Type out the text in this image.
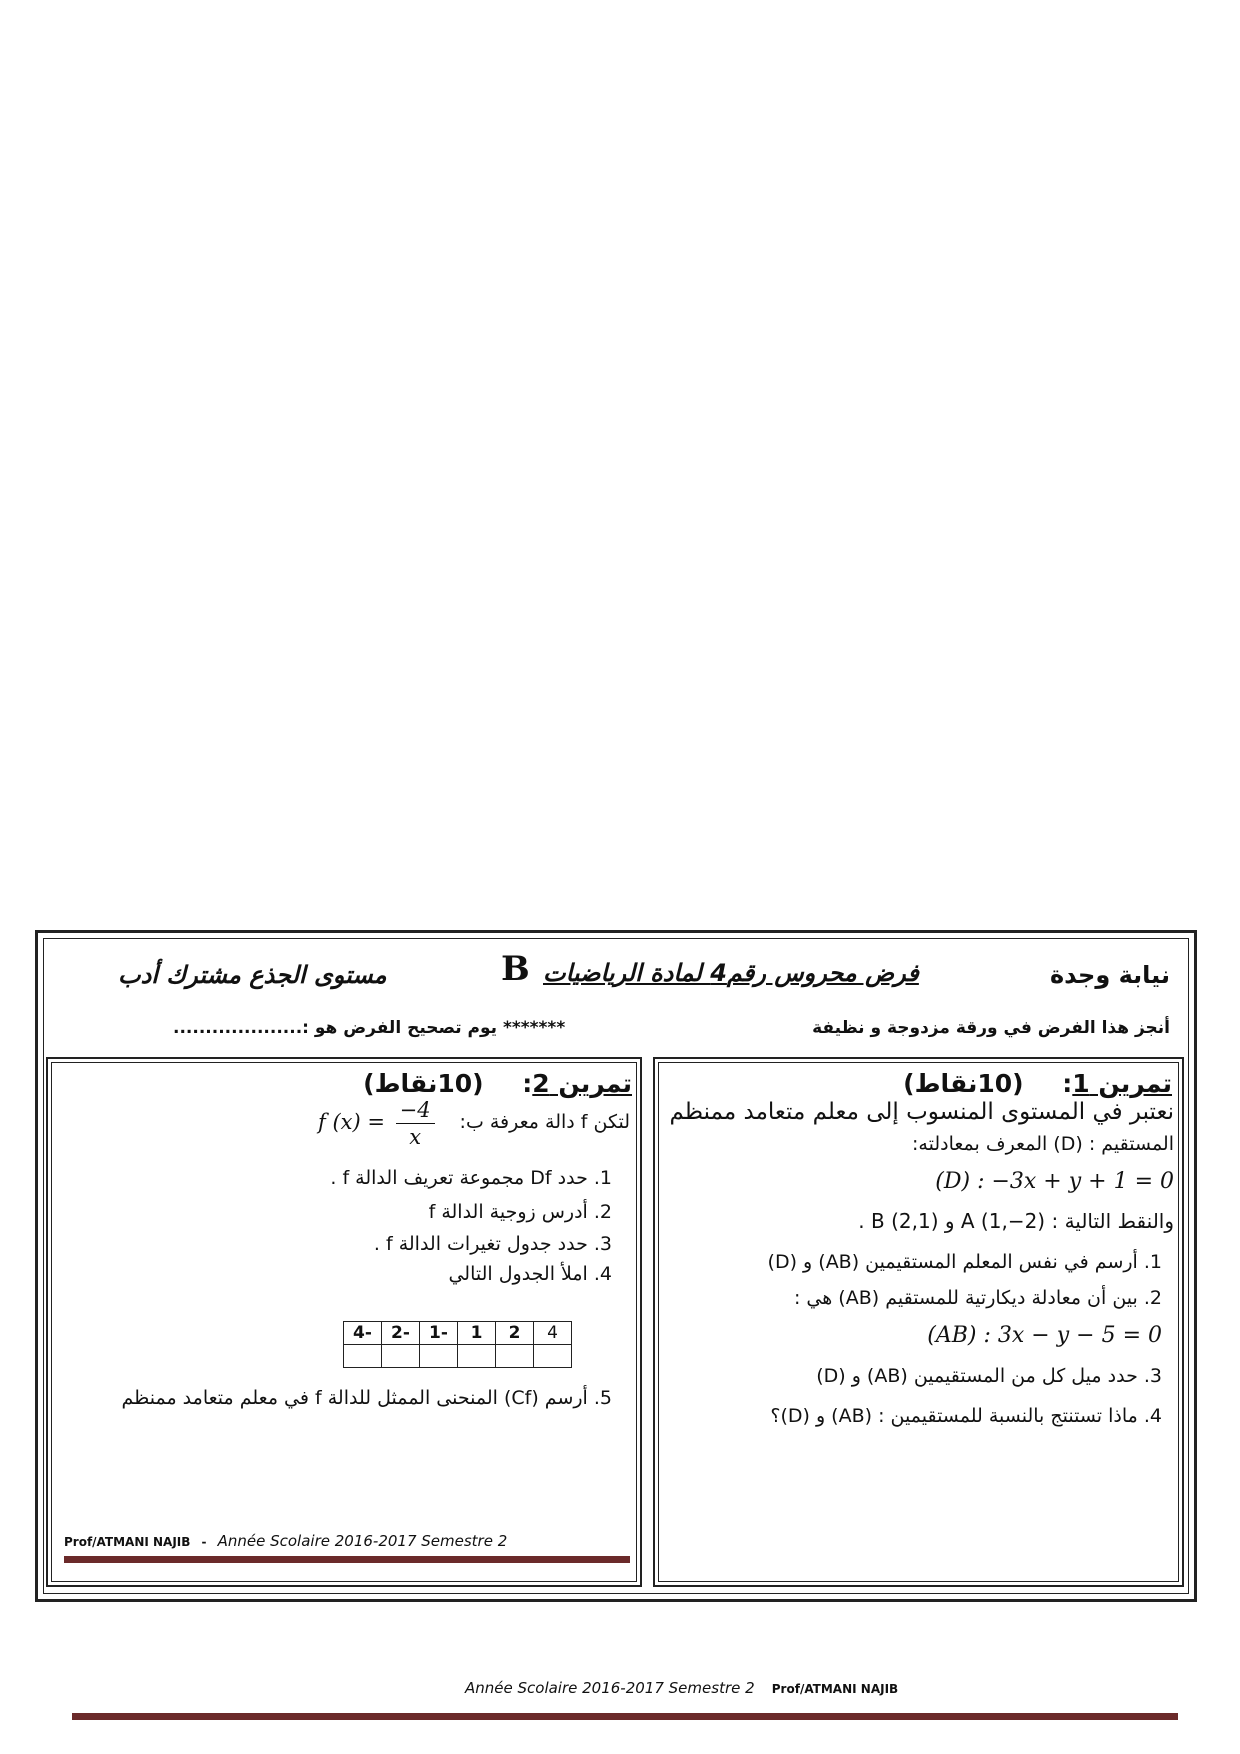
نيابة وجدة
فرض محروس رقم4 لمادة الرياضيات
B
مستوى الجذع مشترك أدب
أنجز هذا الفرض في ورقة مزدوجة و نظيفة
....................: يوم تصحيح الفرض هو *******
تمرين 1: (10نقاط)
نعتبر في المستوى المنسوب إلى معلم متعامد ممنظم
المستقيم : (D) المعرف بمعادلته:
(D) : −3x + y + 1 = 0
والنقط التالية : A (1,−2) و B (2,1) .
1. أرسم في نفس المعلم المستقيمين (AB) و (D)
2. بين أن معادلة ديكارتية للمستقيم (AB) هي :
(AB) : 3x − y − 5 = 0
3. حدد ميل كل من المستقيمين (AB) و (D)
4. ماذا تستنتج بالنسبة للمستقيمين : (AB) و (D)؟
تمرين 2: (10نقاط)
لتكن f دالة معرفة ب:
f $(x) = \frac{-4}{x}$
1. حدد Df مجموعة تعريف الدالة f .
2. أدرس زوجية الدالة f
3. حدد جدول تغيرات الدالة f .
4. املأ الجدول التالي
4	2	1	-1	-2	-4

5. أرسم (Cf) المنحنى الممثل للدالة f في معلم متعامد ممنظم
Prof/ATMANI NAJIB - Année Scolaire 2016-2017 Semestre 2
Année Scolaire 2016-2017 Semestre 2 Prof/ATMANI NAJIB
